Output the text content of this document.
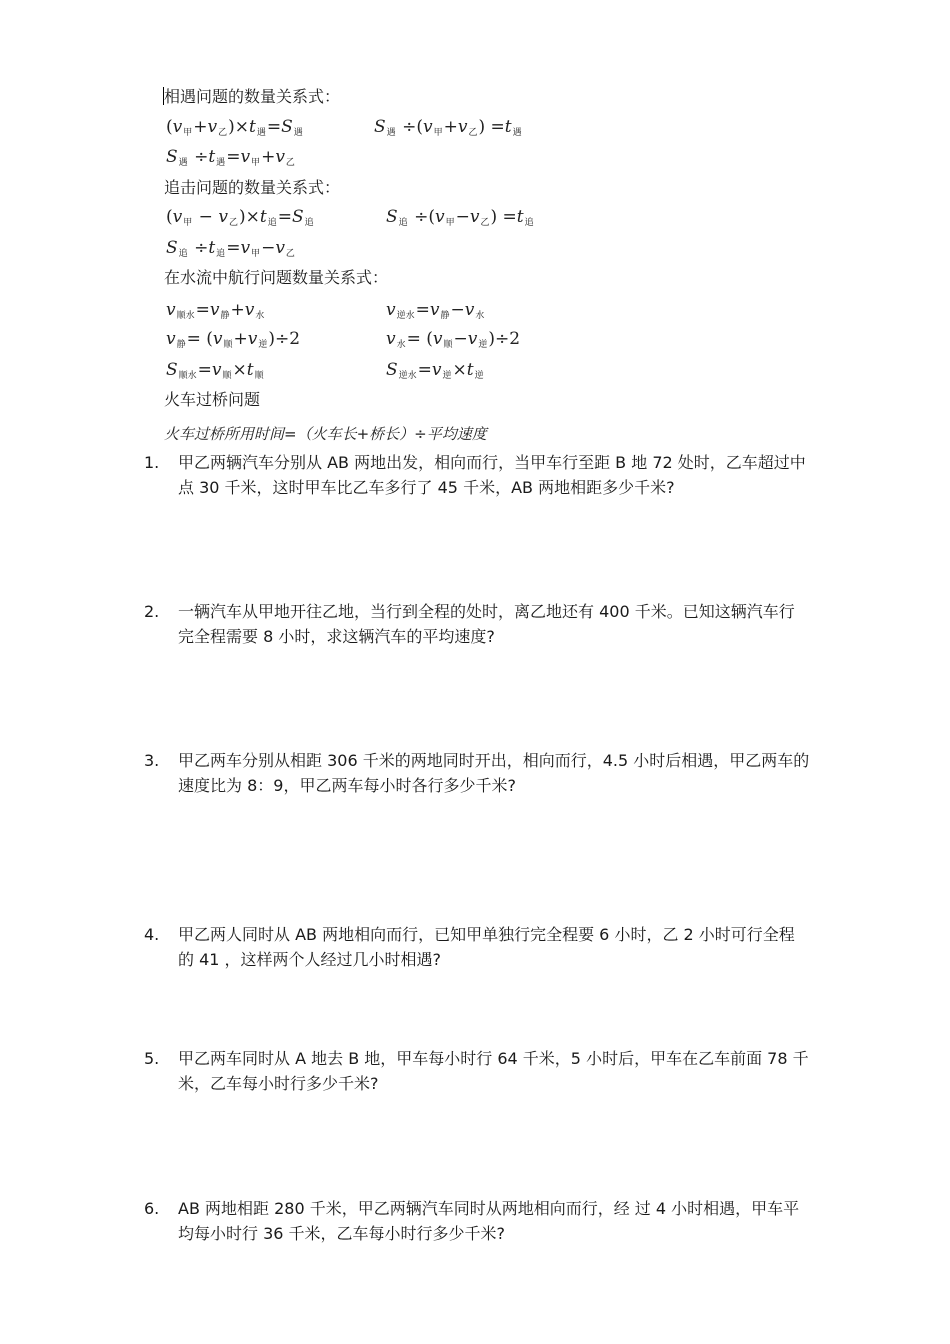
相遇问题的数量关系式：
$(v_甲+v_乙)\times t_遇=S_遇$	$S_遇 \div(v_甲+v_乙) =t_遇$
$S_遇 \div t_遇=v_甲+v_乙$
追击问题的数量关系式：
$(v_甲 - v_乙)\times t_追=S_追$	$S_追 \div(v_甲-v_乙) =t_追$
$S_追 \div t_追=v_甲-v_乙$
在水流中航行问题数量关系式：
$v_{顺水}=v_静+v_水$	$v_{逆水}=v_静-v_水$
$v_静= (v_顺+v_逆)\div 2$	$v_水= (v_顺-v_逆)\div 2$
$S_{顺水}=v_顺\times t_顺$	$S_{逆水}=v_逆\times t_逆$
火车过桥问题
火车过桥所用时间=（火车长+桥长）÷平均速度
1. 甲乙两辆汽车分别从 AB 两地出发，相向而行，当甲车行至距 B 地 72 处时，乙车超过中点 30 千米，这时甲车比乙车多行了 45 千米，AB 两地相距多少千米?
2. 一辆汽车从甲地开往乙地，当行到全程的处时，离乙地还有 400 千米。已知这辆汽车行完全程需要 8 小时，求这辆汽车的平均速度?
3. 甲乙两车分别从相距 306 千米的两地同时开出，相向而行，4.5 小时后相遇，甲乙两车的速度比为 8：9，甲乙两车每小时各行多少千米?
4. 甲乙两人同时从 AB 两地相向而行，已知甲单独行完全程要 6 小时，乙 2 小时可行全程的 41 ，这样两个人经过几小时相遇?
5. 甲乙两车同时从 A 地去 B 地，甲车每小时行 64 千米，5 小时后，甲车在乙车前面 78 千米，乙车每小时行多少千米?
6. AB 两地相距 280 千米，甲乙两辆汽车同时从两地相向而行，经 过 4 小时相遇，甲车平均每小时行 36 千米，乙车每小时行多少千米?
